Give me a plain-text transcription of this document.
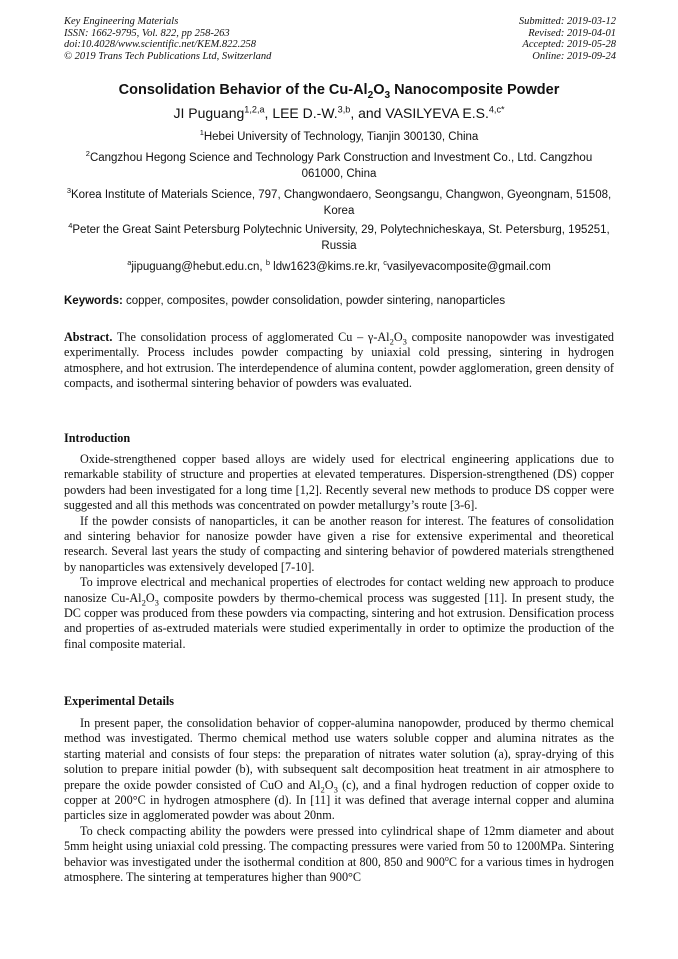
Key Engineering Materials
ISSN: 1662-9795, Vol. 822, pp 258-263
doi:10.4028/www.scientific.net/KEM.822.258
© 2019 Trans Tech Publications Ltd, Switzerland
Submitted: 2019-03-12
Revised: 2019-04-01
Accepted: 2019-05-28
Online: 2019-09-24
Consolidation Behavior of the $Cu-Al_2O_3$ Nanocomposite Powder
JI Puguang$^{1,2,a}$, LEE D.-W.$^{3,b}$, and VASILYEVA E.S.$^{4,c*}$
$^1$Hebei University of Technology, Tianjin 300130, China
$^2$Cangzhou Hegong Science and Technology Park Construction and Investment Co., Ltd. Cangzhou 061000, China
$^3$Korea Institute of Materials Science, 797, Changwondaero, Seongsangu, Changwon, Gyeongnam, 51508, Korea
$^4$Peter the Great Saint Petersburg Polytechnic University, 29, Polytechnicheskaya, St. Petersburg, 195251, Russia
$^a$jipuguang@hebut.edu.cn, $^b$ ldw1623@kims.re.kr, $^c$vasilyevacomposite@gmail.com
Keywords: copper, composites, powder consolidation, powder sintering, nanoparticles

Abstract. The consolidation process of agglomerated Cu – $\gamma-Al_2O_3$ composite nanopowder was investigated experimentally. Process includes powder compacting by uniaxial cold pressing, sintering in hydrogen atmosphere, and hot extrusion. The interdependence of alumina content, powder agglomeration, green density of compacts, and isothermal sintering behavior of powders was evaluated.

Introduction

Oxide-strengthened copper based alloys are widely used for electrical engineering applications due to remarkable stability of structure and properties at elevated temperatures. Dispersion-strengthened (DS) copper powders had been investigated for a long time [1,2]. Recently several new methods to produce DS copper were suggested and all this methods was concentrated on powder metallurgy’s route [3-6].

If the powder consists of nanoparticles, it can be another reason for interest. The features of consolidation and sintering behavior for nanosize powder have given a rise for extensive experimental and theoretical research. Several last years the study of compacting and sintering behavior of powdered materials strengthened by nanoparticles was extensively developed [7-10].

To improve electrical and mechanical properties of electrodes for contact welding new approach to produce nanosize $Cu-Al_2O_3$ composite powders by thermo-chemical process was suggested [11]. In present study, the DC copper was produced from these powders via compacting, sintering and hot extrusion. Densification process and properties of as-extruded materials were studied experimentally in order to optimize the production of the final composite material.

Experimental Details

In present paper, the consolidation behavior of copper-alumina nanopowder, produced by thermo chemical method was investigated. Thermo chemical method use waters soluble copper and alumina nitrates as the starting material and consists of four steps: the preparation of nitrates water solution (a), spray-drying of this solution to prepare initial powder (b), with subsequent salt decomposition heat treatment in air atmosphere to prepare the oxide powder consisted of CuO and $Al_2O_3$ (c), and a final hydrogen reduction of copper oxide to copper at 200°C in hydrogen atmosphere (d). In [11] it was defined that average internal copper and alumina particles size in agglomerated powder was about 20nm.

To check compacting ability the powders were pressed into cylindrical shape of 12mm diameter and about 5mm height using uniaxial cold pressing. The compacting pressures were varied from 50 to 1200MPa. Sintering behavior was investigated under the isothermal condition at 800, 850 and 900$^o$C for a various times in hydrogen atmosphere. The sintering at temperatures higher than 900°C
